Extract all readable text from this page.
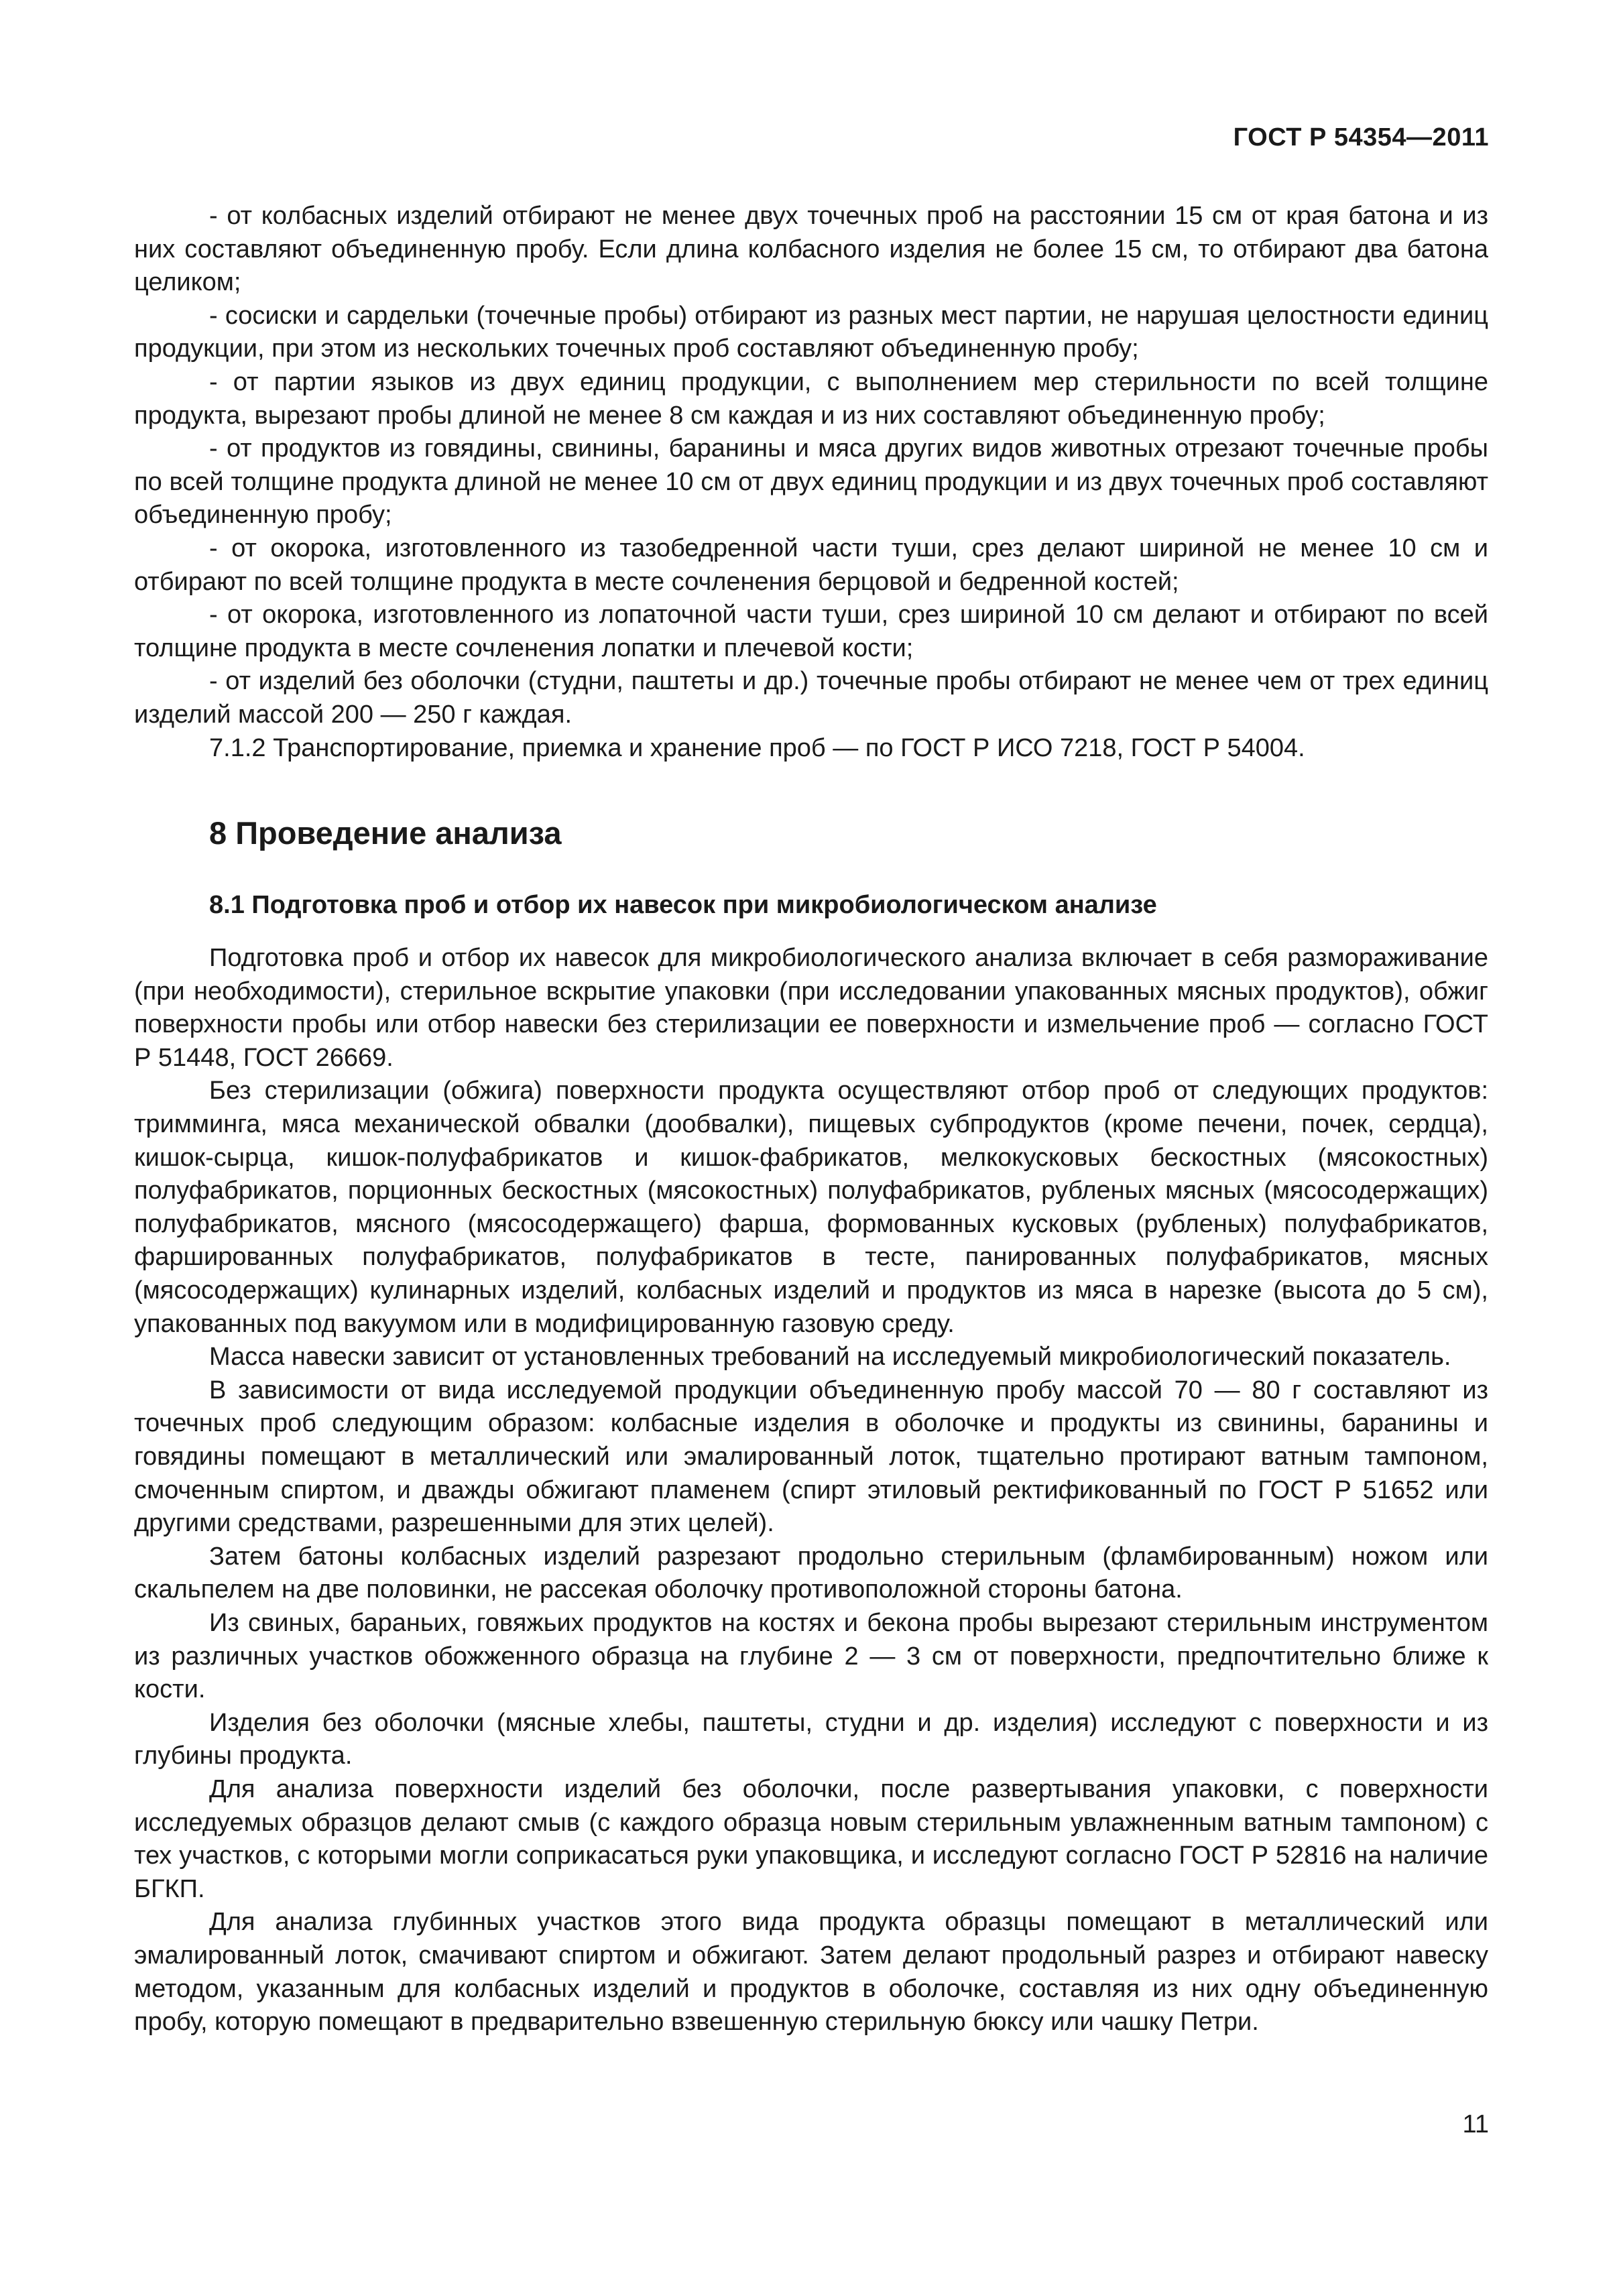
ГОСТ Р 54354—2011

- от колбасных изделий отбирают не менее двух точечных проб на расстоянии 15 см от края батона и из них составляют объединенную пробу. Если длина колбасного изделия не более 15 см, то отбирают два батона целиком;

- сосиски и сардельки (точечные пробы) отбирают из разных мест партии, не нарушая целостности единиц продукции, при этом из нескольких точечных проб составляют объединенную пробу;

- от партии языков из двух единиц продукции, с выполнением мер стерильности по всей толщине продукта, вырезают пробы длиной не менее 8 см каждая и из них составляют объединенную пробу;

- от продуктов из говядины, свинины, баранины и мяса других видов животных отрезают точечные пробы по всей толщине продукта длиной не менее 10 см от двух единиц продукции и из двух точечных проб составляют объединенную пробу;

- от окорока, изготовленного из тазобедренной части туши, срез делают шириной не менее 10 см и отбирают по всей толщине продукта в месте сочленения берцовой и бедренной костей;

- от окорока, изготовленного из лопаточной части туши, срез шириной 10 см делают и отбирают по всей толщине продукта в месте сочленения лопатки и плечевой кости;

- от изделий без оболочки (студни, паштеты и др.) точечные пробы отбирают не менее чем от трех единиц изделий массой 200 — 250 г каждая.

7.1.2 Транспортирование, приемка и хранение проб — по ГОСТ Р ИСО 7218, ГОСТ Р 54004.

8 Проведение анализа
8.1 Подготовка проб и отбор их навесок при микробиологическом анализе

Подготовка проб и отбор их навесок для микробиологического анализа включает в себя размораживание (при необходимости), стерильное вскрытие упаковки (при исследовании упакованных мясных продуктов), обжиг поверхности пробы или отбор навески без стерилизации ее поверхности и измельчение проб — согласно ГОСТ Р 51448, ГОСТ 26669.

Без стерилизации (обжига) поверхности продукта осуществляют отбор проб от следующих продуктов: тримминга, мяса механической обвалки (дообвалки), пищевых субпродуктов (кроме печени, почек, сердца), кишок-сырца, кишок-полуфабрикатов и кишок-фабрикатов, мелкокусковых бескостных (мясокостных) полуфабрикатов, порционных бескостных (мясокостных) полуфабрикатов, рубленых мясных (мясосодержащих) полуфабрикатов, мясного (мясосодержащего) фарша, формованных кусковых (рубленых) полуфабрикатов, фаршированных полуфабрикатов, полуфабрикатов в тесте, панированных полуфабрикатов, мясных (мясосодержащих) кулинарных изделий, колбасных изделий и продуктов из мяса в нарезке (высота до 5 см), упакованных под вакуумом или в модифицированную газовую среду.

Масса навески зависит от установленных требований на исследуемый микробиологический показатель.

В зависимости от вида исследуемой продукции объединенную пробу массой 70 — 80 г составляют из точечных проб следующим образом: колбасные изделия в оболочке и продукты из свинины, баранины и говядины помещают в металлический или эмалированный лоток, тщательно протирают ватным тампоном, смоченным спиртом, и дважды обжигают пламенем (спирт этиловый ректификованный по ГОСТ Р 51652 или другими средствами, разрешенными для этих целей).

Затем батоны колбасных изделий разрезают продольно стерильным (фламбированным) ножом или скальпелем на две половинки, не рассекая оболочку противоположной стороны батона.

Из свиных, бараньих, говяжьих продуктов на костях и бекона пробы вырезают стерильным инструментом из различных участков обожженного образца на глубине 2 — 3 см от поверхности, предпочтительно ближе к кости.

Изделия без оболочки (мясные хлебы, паштеты, студни и др. изделия) исследуют с поверхности и из глубины продукта.

Для анализа поверхности изделий без оболочки, после развертывания упаковки, с поверхности исследуемых образцов делают смыв (с каждого образца новым стерильным увлажненным ватным тампоном) с тех участков, с которыми могли соприкасаться руки упаковщика, и исследуют согласно ГОСТ Р 52816 на наличие БГКП.

Для анализа глубинных участков этого вида продукта образцы помещают в металлический или эмалированный лоток, смачивают спиртом и обжигают. Затем делают продольный разрез и отбирают навеску методом, указанным для колбасных изделий и продуктов в оболочке, составляя из них одну объединенную пробу, которую помещают в предварительно взвешенную стерильную бюксу или чашку Петри.

11
